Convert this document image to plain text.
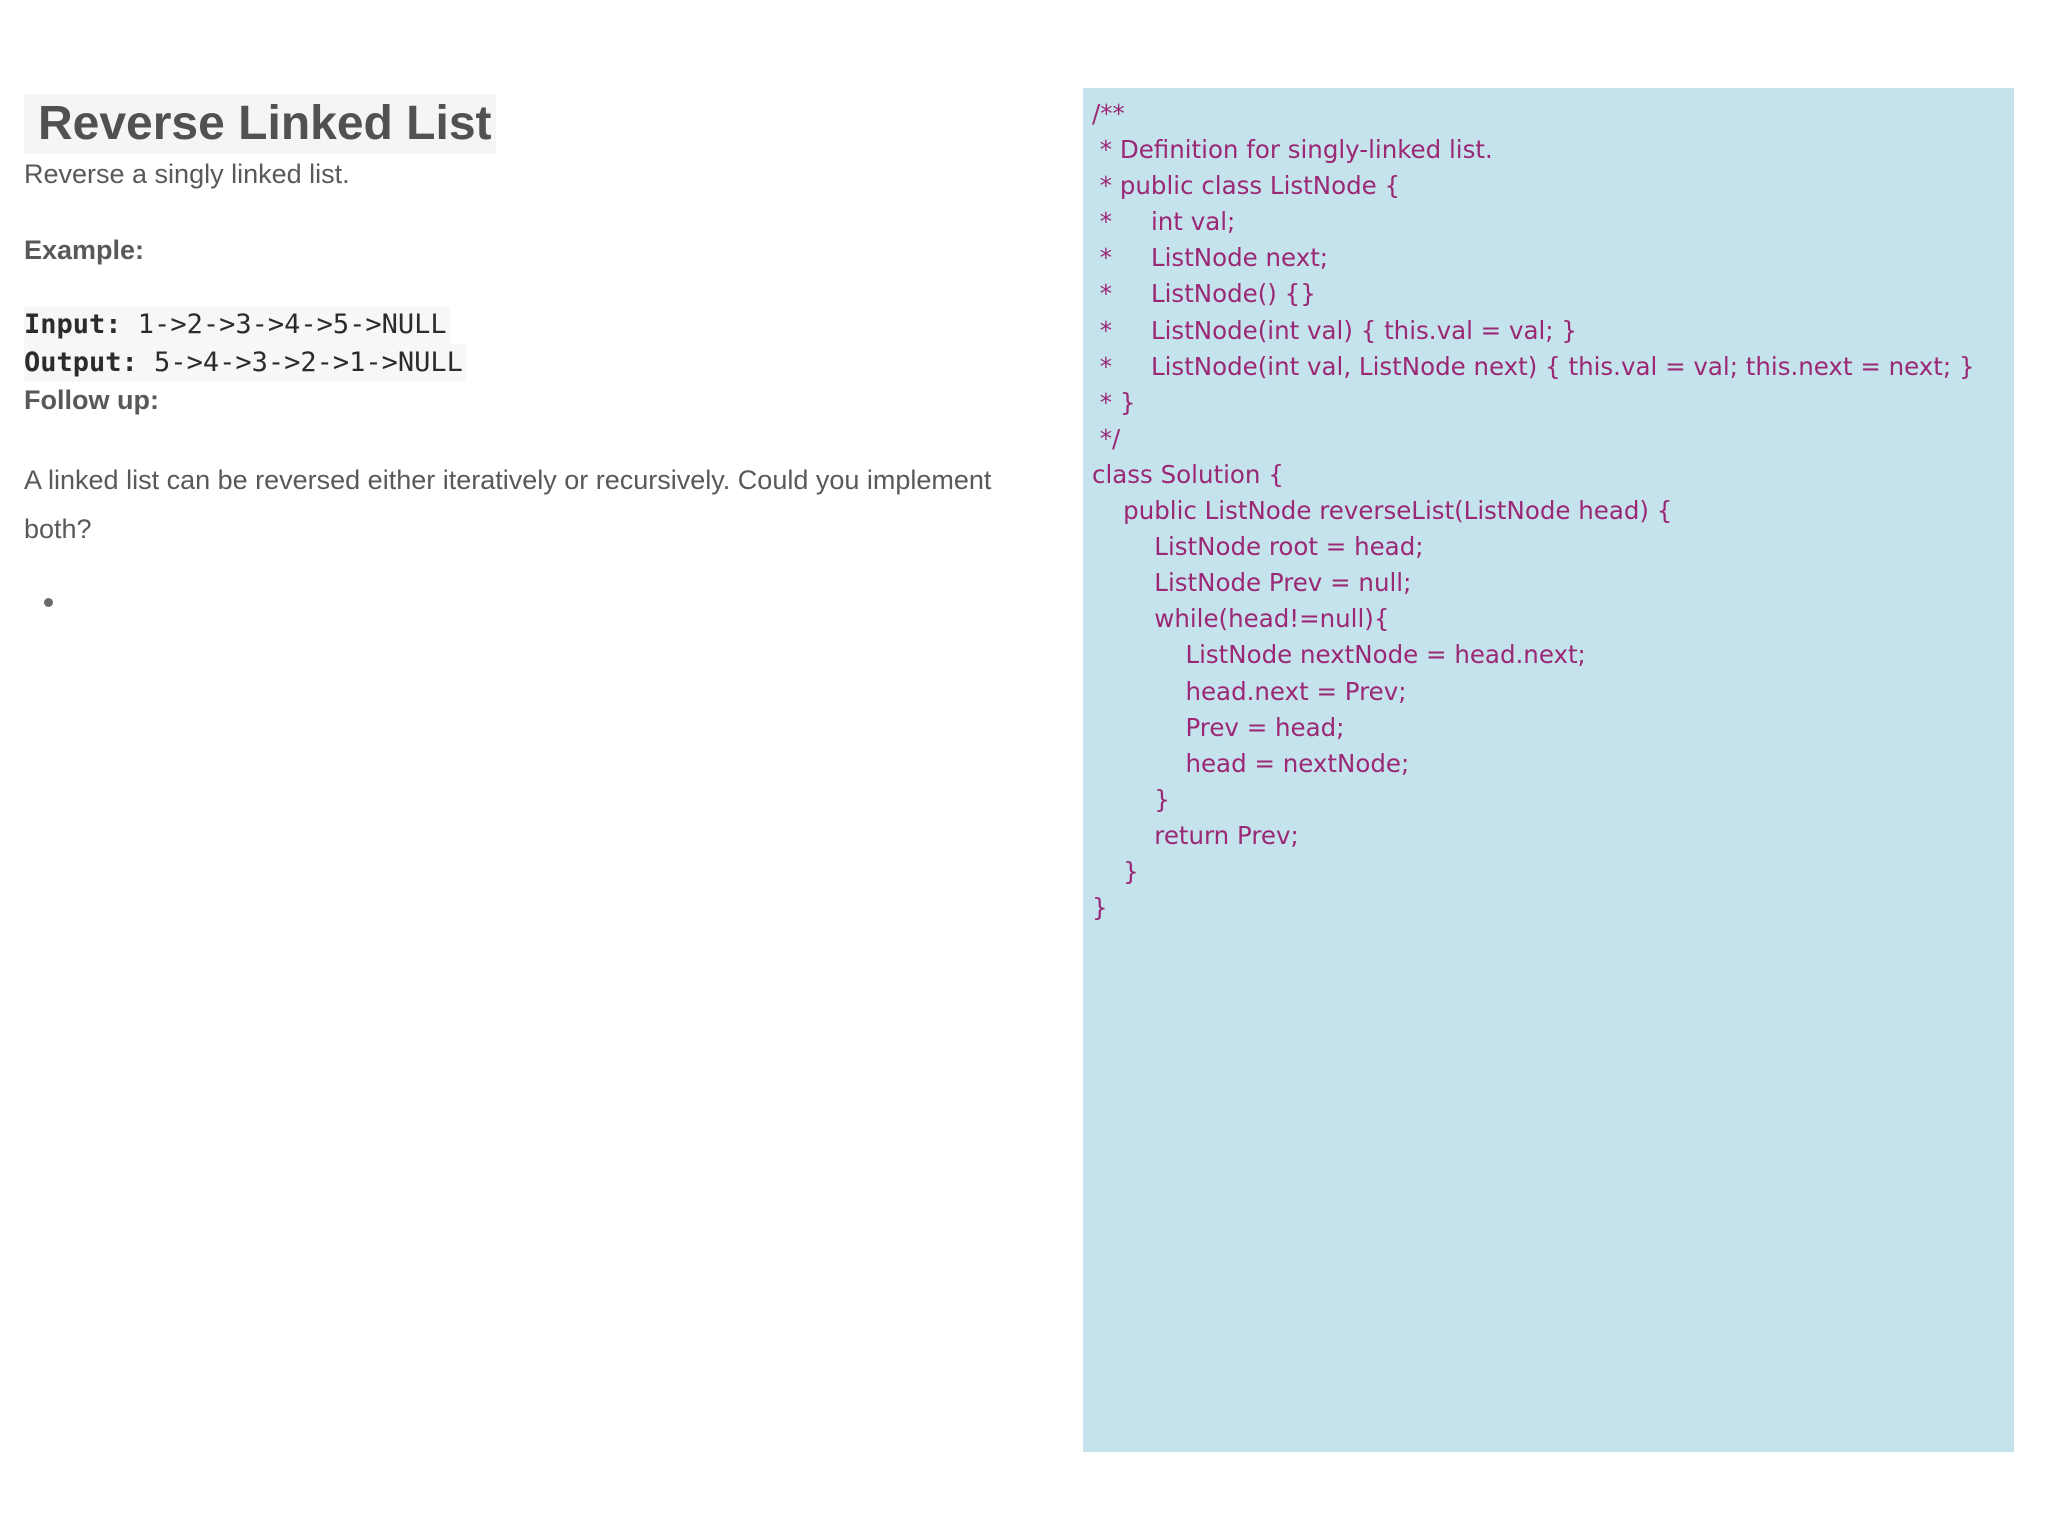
Reverse Linked List
Reverse a singly linked list.
Example:
Input: 1->2->3->4->5->NULL
Output: 5->4->3->2->1->NULL
Follow up:
A linked list can be reversed either iteratively or recursively. Could you implement both?
/**
* Definition for singly-linked list.
* public class ListNode {
*     int val;
*     ListNode next;
*     ListNode() {}
*     ListNode(int val) { this.val = val; }
*     ListNode(int val, ListNode next) { this.val = val; this.next = next; }
* }
*/
class Solution {
public ListNode reverseList(ListNode head) {
ListNode root = head;
ListNode Prev = null;
while(head!=null){
ListNode nextNode = head.next;
head.next = Prev;
Prev = head;
head = nextNode;
}
return Prev;
}
}
